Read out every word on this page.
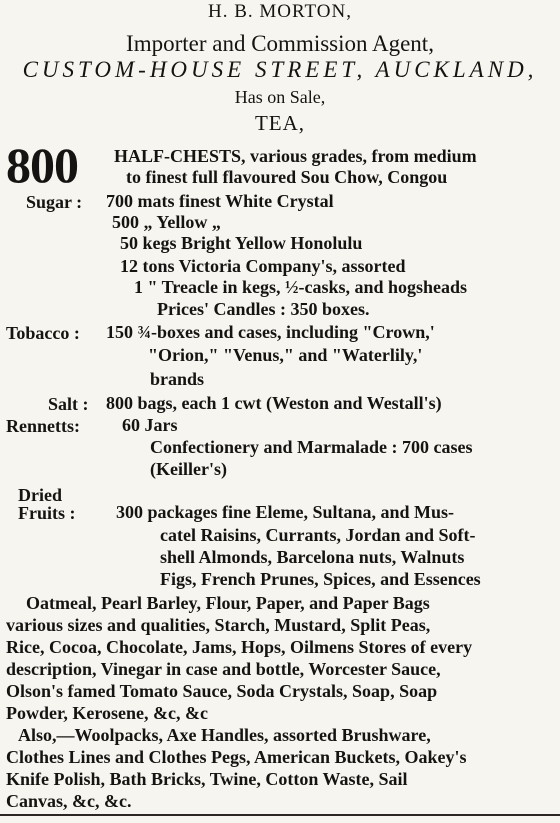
H. B. MORTON,
Importer and Commission Agent,
CUSTOM-HOUSE STREET, AUCKLAND,
Has on Sale,
TEA,
800 HALF-CHESTS, various grades, from medium
to finest full flavoured Sou Chow, Congou
Sugar : 700 mats finest White Crystal
500 „ Yellow „
50 kegs Bright Yellow Honolulu
12 tons Victoria Company's, assorted
1 " Treacle in kegs, ½-casks, and hogsheads
Prices' Candles : 350 boxes.
Tobacco : 150 ¾-boxes and cases, including "Crown,'
"Orion," "Venus," and "Waterlily,'
brands
Salt : 800 bags, each 1 cwt (Weston and Westall's)
Rennetts: 60 Jars
Confectionery and Marmalade : 700 cases
(Keiller's)
Dried
Fruits : 300 packages fine Eleme, Sultana, and Mus-
catel Raisins, Currants, Jordan and Soft-
shell Almonds, Barcelona nuts, Walnuts
Figs, French Prunes, Spices, and Essences
Oatmeal, Pearl Barley, Flour, Paper, and Paper Bags
various sizes and qualities, Starch, Mustard, Split Peas,
Rice, Cocoa, Chocolate, Jams, Hops, Oilmens Stores of every
description, Vinegar in case and bottle, Worcester Sauce,
Olson's famed Tomato Sauce, Soda Crystals, Soap, Soap
Powder, Kerosene, &c, &c
Also,—Woolpacks, Axe Handles, assorted Brushware,
Clothes Lines and Clothes Pegs, American Buckets, Oakey's
Knife Polish, Bath Bricks, Twine, Cotton Waste, Sail
Canvas, &c, &c.
